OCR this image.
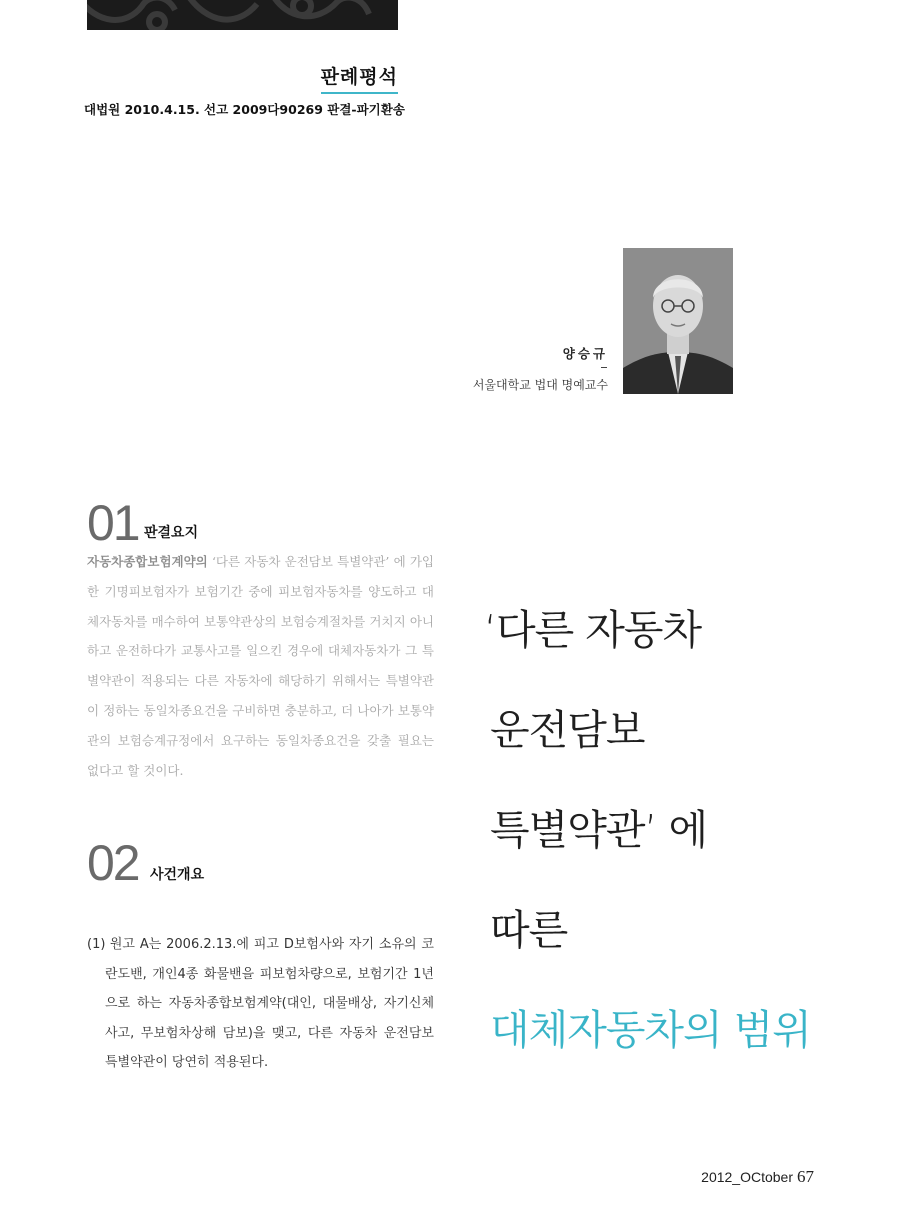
판례평석
대법원 2010.4.15. 선고 2009다90269 판결-파기환송
양승규
서울대학교 법대 명예교수
01 판결요지

자동차종합보험계약의 ‘다른 자동차 운전담보 특별약관’ 에 가입한 기명피보험자가 보험기간 중에 피보험자동차를 양도하고 대체자동차를 매수하여 보통약관상의 보험승계절차를 거치지 아니하고 운전하다가 교통사고를 일으킨 경우에 대체자동차가 그 특별약관이 적용되는 다른 자동차에 해당하기 위해서는 특별약관이 정하는 동일차종요건을 구비하면 충분하고, 더 나아가 보통약관의 보험승계규정에서 요구하는 동일차종요건을 갖출 필요는 없다고 할 것이다.

02 사건개요

(1) 원고 A는 2006.2.13.에 피고 D보험사와 자기 소유의 코란도밴, 개인4종 화물밴을 피보험차량으로, 보험기간 1년으로 하는 자동차종합보험계약(대인, 대물배상, 자기신체사고, 무보험차상해 담보)을 맺고, 다른 자동차 운전담보 특별약관이 당연히 적용된다.

‘다른 자동차
운전담보
특별약관’ 에
따른
대체자동차의 범위
2012_OCtober 67
